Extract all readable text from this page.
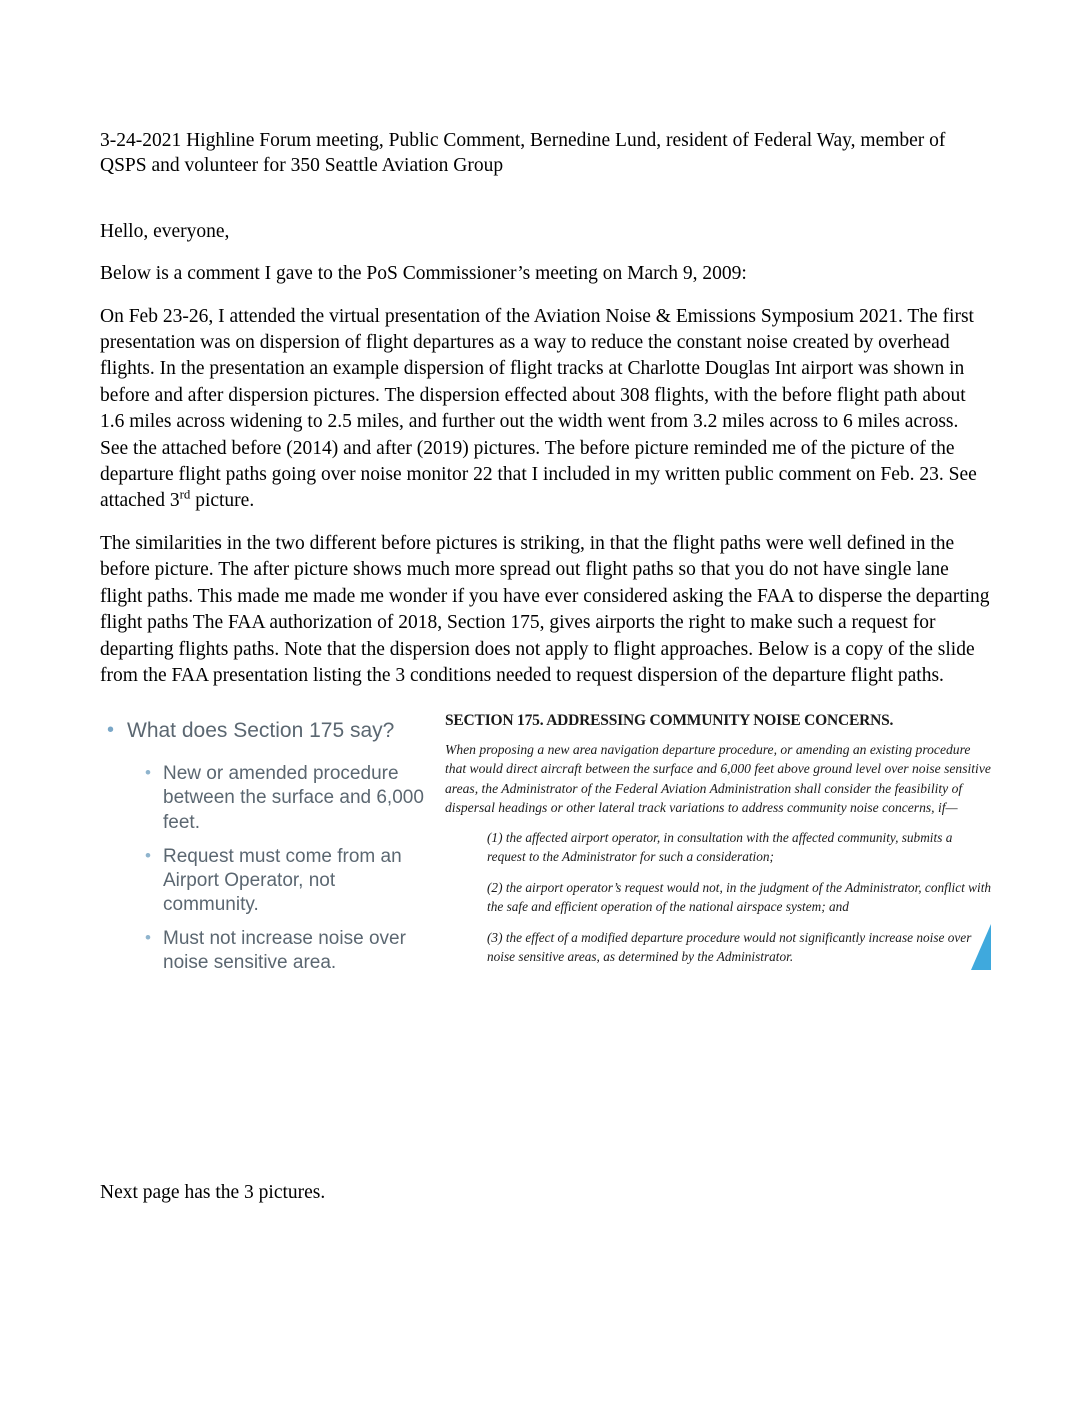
3-24-2021 Highline Forum meeting, Public Comment, Bernedine Lund, resident of Federal Way, member of QSPS and volunteer for 350 Seattle Aviation Group

Hello, everyone,

Below is a comment I gave to the PoS Commissioner’s meeting on March 9, 2009:

On Feb 23-26, I attended the virtual presentation of the Aviation Noise & Emissions Symposium 2021. The first presentation was on dispersion of flight departures as a way to reduce the constant noise created by overhead flights. In the presentation an example dispersion of flight tracks at Charlotte Douglas Int airport was shown in before and after dispersion pictures. The dispersion effected about 308 flights, with the before flight path about 1.6 miles across widening to 2.5 miles, and further out the width went from 3.2 miles across to 6 miles across. See the attached before (2014) and after (2019) pictures. The before picture reminded me of the picture of the departure flight paths going over noise monitor 22 that I included in my written public comment on Feb. 23. See attached 3rd picture.

The similarities in the two different before pictures is striking, in that the flight paths were well defined in the before picture. The after picture shows much more spread out flight paths so that you do not have single lane flight paths. This made me made me wonder if you have ever considered asking the FAA to disperse the departing flight paths The FAA authorization of 2018, Section 175, gives airports the right to make such a request for departing flights paths. Note that the dispersion does not apply to flight approaches. Below is a copy of the slide from the FAA presentation listing the 3 conditions needed to request dispersion of the departure flight paths.

• What does Section 175 say?
• New or amended procedure between the surface and 6,000 feet.
• Request must come from an Airport Operator, not community.
• Must not increase noise over noise sensitive area.
SECTION 175. ADDRESSING COMMUNITY NOISE CONCERNS.
When proposing a new area navigation departure procedure, or amending an existing procedure that would direct aircraft between the surface and 6,000 feet above ground level over noise sensitive areas, the Administrator of the Federal Aviation Administration shall consider the feasibility of dispersal headings or other lateral track variations to address community noise concerns, if—
(1) the affected airport operator, in consultation with the affected community, submits a request to the Administrator for such a consideration;
(2) the airport operator’s request would not, in the judgment of the Administrator, conflict with the safe and efficient operation of the national airspace system; and
(3) the effect of a modified departure procedure would not significantly increase noise over noise sensitive areas, as determined by the Administrator.

Next page has the 3 pictures.
